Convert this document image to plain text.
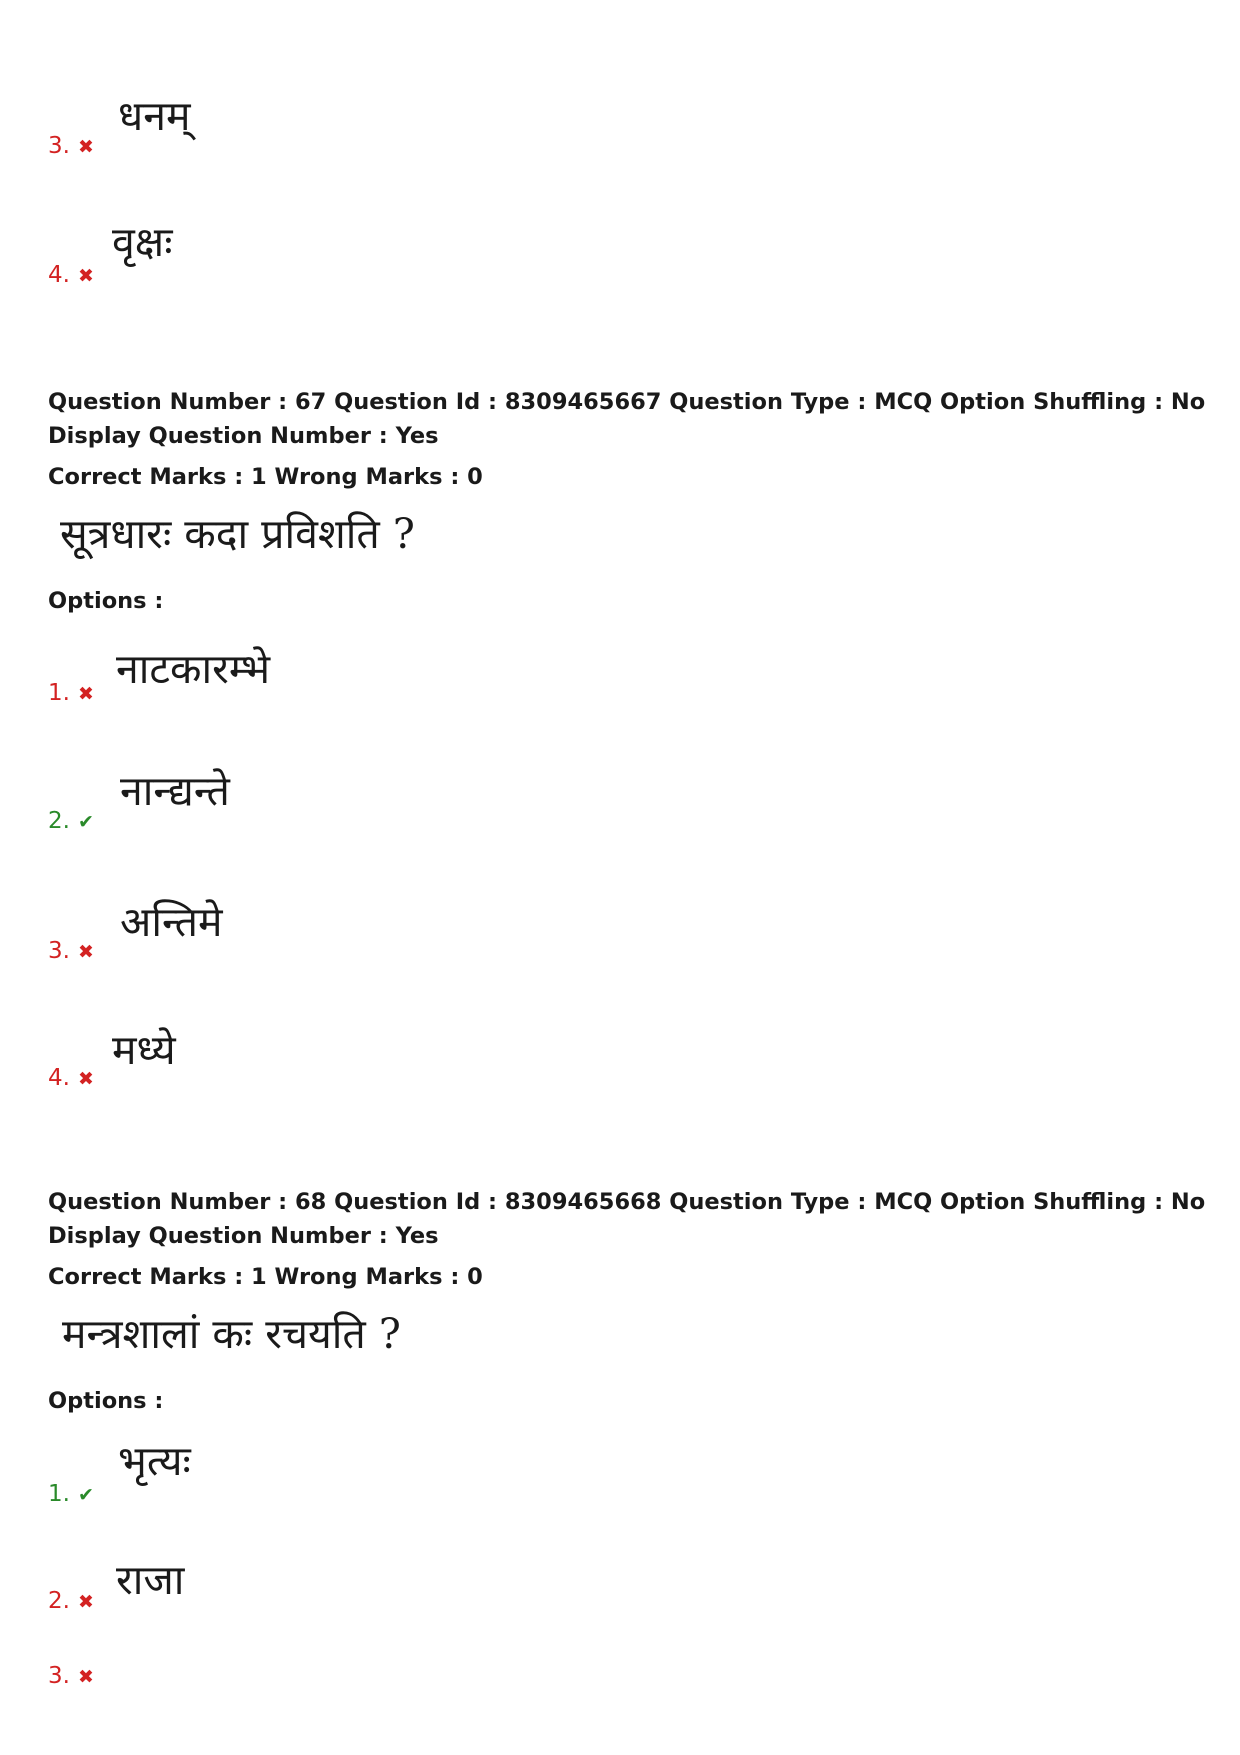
3. ✖
धनम्
4. ✖
वृक्षः
Question Number : 67 Question Id : 8309465667 Question Type : MCQ Option Shuffling : No
Display Question Number : Yes
Correct Marks : 1 Wrong Marks : 0
सूत्रधारः कदा प्रविशति ?
Options :
1. ✖
नाटकारम्भे
2. ✔
नान्द्यन्ते
3. ✖
अन्तिमे
4. ✖
मध्ये
Question Number : 68 Question Id : 8309465668 Question Type : MCQ Option Shuffling : No
Display Question Number : Yes
Correct Marks : 1 Wrong Marks : 0
मन्त्रशालां कः रचयति ?
Options :
1. ✔
भृत्यः
2. ✖ राजा
3. ✖
